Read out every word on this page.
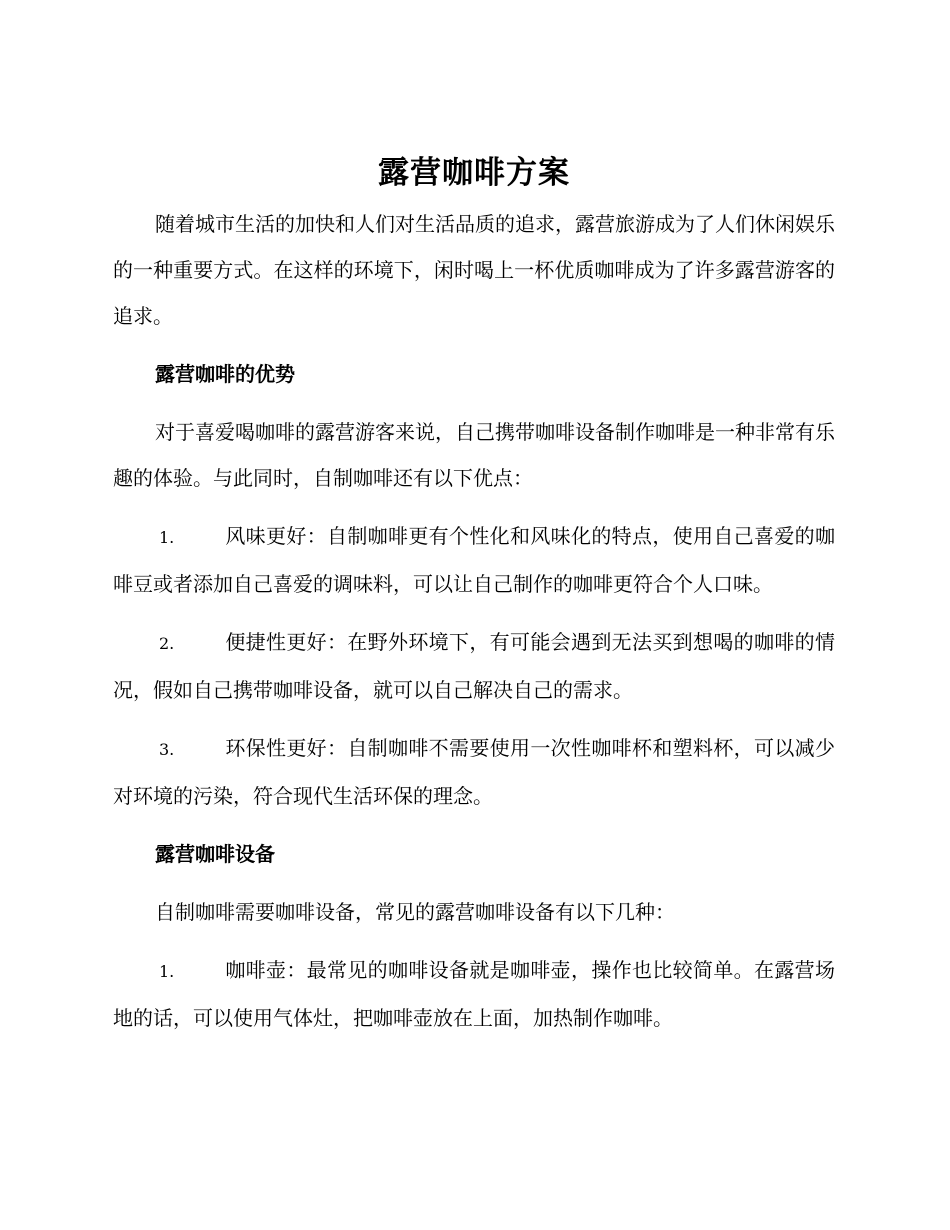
露营咖啡方案

随着城市生活的加快和人们对生活品质的追求，露营旅游成为了人们休闲娱乐的一种重要方式。在这样的环境下，闲时喝上一杯优质咖啡成为了许多露营游客的追求。

露营咖啡的优势

对于喜爱喝咖啡的露营游客来说，自己携带咖啡设备制作咖啡是一种非常有乐趣的体验。与此同时，自制咖啡还有以下优点：

1.	风味更好：自制咖啡更有个性化和风味化的特点，使用自己喜爱的咖啡豆或者添加自己喜爱的调味料，可以让自己制作的咖啡更符合个人口味。

2.	便捷性更好：在野外环境下，有可能会遇到无法买到想喝的咖啡的情况，假如自己携带咖啡设备，就可以自己解决自己的需求。

3.	环保性更好：自制咖啡不需要使用一次性咖啡杯和塑料杯，可以减少对环境的污染，符合现代生活环保的理念。

露营咖啡设备

自制咖啡需要咖啡设备，常见的露营咖啡设备有以下几种：

1.	咖啡壶：最常见的咖啡设备就是咖啡壶，操作也比较简单。在露营场地的话，可以使用气体灶，把咖啡壶放在上面，加热制作咖啡。
